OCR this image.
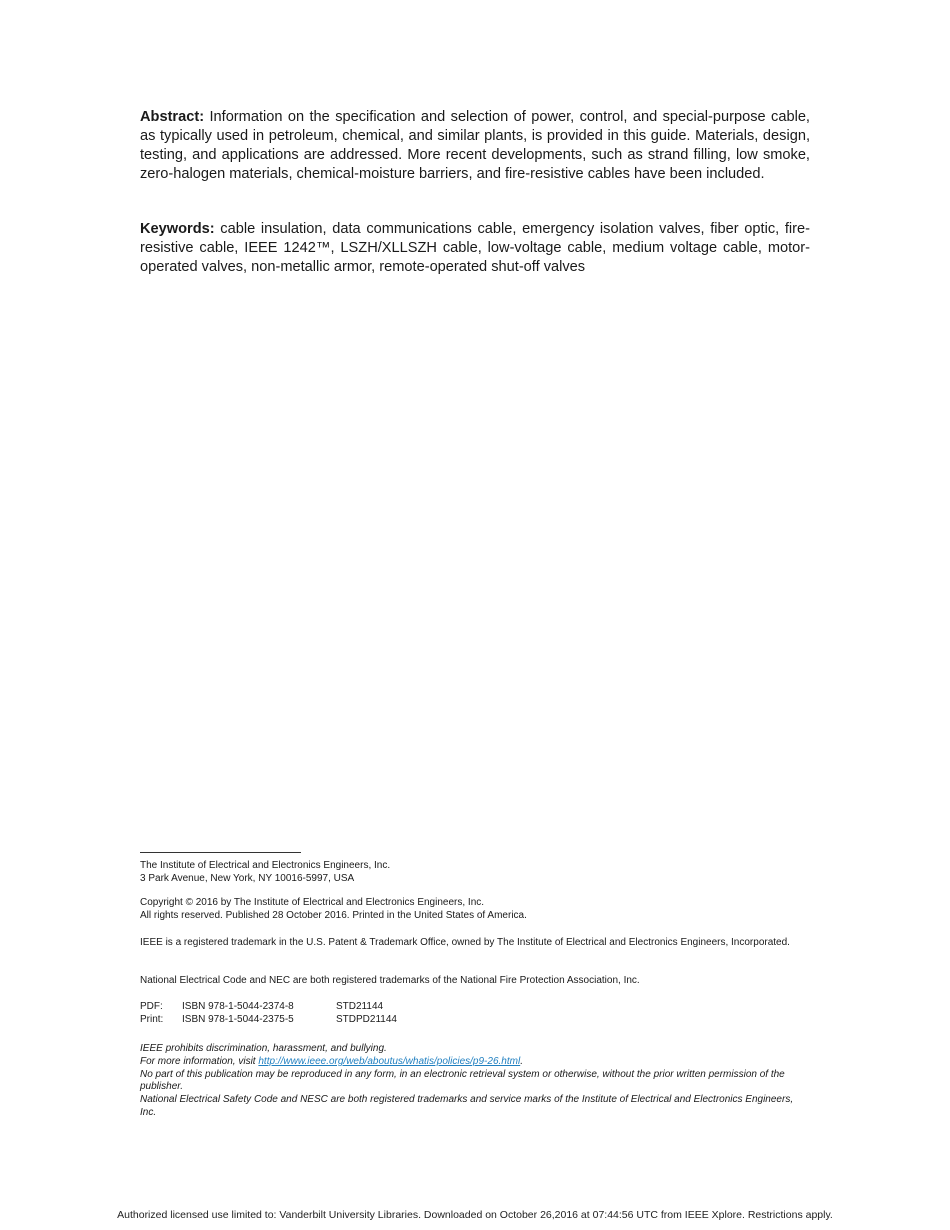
Abstract: Information on the specification and selection of power, control, and special-purpose cable, as typically used in petroleum, chemical, and similar plants, is provided in this guide. Materials, design, testing, and applications are addressed. More recent developments, such as strand filling, low smoke, zero-halogen materials, chemical-moisture barriers, and fire-resistive cables have been included.
Keywords: cable insulation, data communications cable, emergency isolation valves, fiber optic, fire-resistive cable, IEEE 1242™, LSZH/XLLSZH cable, low-voltage cable, medium voltage cable, motor-operated valves, non-metallic armor, remote-operated shut-off valves
The Institute of Electrical and Electronics Engineers, Inc.
3 Park Avenue, New York, NY 10016-5997, USA
Copyright © 2016 by The Institute of Electrical and Electronics Engineers, Inc.
All rights reserved. Published 28 October 2016. Printed in the United States of America.
IEEE is a registered trademark in the U.S. Patent & Trademark Office, owned by The Institute of Electrical and Electronics Engineers, Incorporated.
National Electrical Code and NEC are both registered trademarks of the National Fire Protection Association, Inc.
PDF:	ISBN 978-1-5044-2374-8	STD21144
Print:	ISBN 978-1-5044-2375-5	STDPD21144
IEEE prohibits discrimination, harassment, and bullying.
For more information, visit http://www.ieee.org/web/aboutus/whatis/policies/p9-26.html.
No part of this publication may be reproduced in any form, in an electronic retrieval system or otherwise, without the prior written permission of the publisher.
National Electrical Safety Code and NESC are both registered trademarks and service marks of the Institute of Electrical and Electronics Engineers, Inc.
Authorized licensed use limited to: Vanderbilt University Libraries. Downloaded on October 26,2016 at 07:44:56 UTC from IEEE Xplore. Restrictions apply.
